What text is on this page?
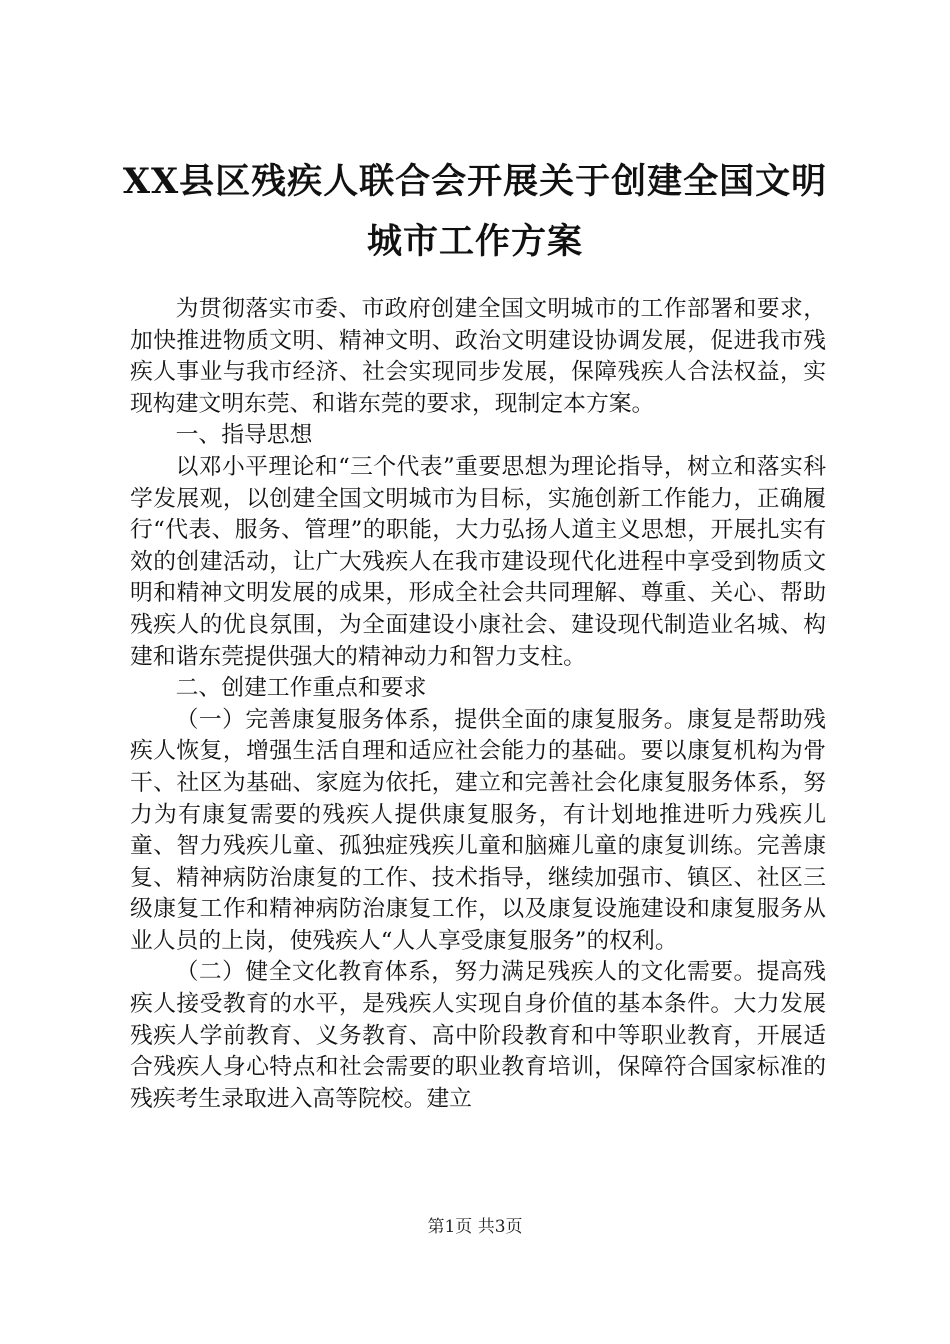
XX县区残疾人联合会开展关于创建全国文明
城市工作方案

为贯彻落实市委、市政府创建全国文明城市的工作部署和要求，加快推进物质文明、精神文明、政治文明建设协调发展，促进我市残疾人事业与我市经济、社会实现同步发展，保障残疾人合法权益，实现构建文明东莞、和谐东莞的要求，现制定本方案。

一、指导思想

以邓小平理论和“三个代表”重要思想为理论指导，树立和落实科学发展观，以创建全国文明城市为目标，实施创新工作能力，正确履行“代表、服务、管理”的职能，大力弘扬人道主义思想，开展扎实有效的创建活动，让广大残疾人在我市建设现代化进程中享受到物质文明和精神文明发展的成果，形成全社会共同理解、尊重、关心、帮助残疾人的优良氛围，为全面建设小康社会、建设现代制造业名城、构建和谐东莞提供强大的精神动力和智力支柱。

二、创建工作重点和要求

（一）完善康复服务体系，提供全面的康复服务。康复是帮助残疾人恢复，增强生活自理和适应社会能力的基础。要以康复机构为骨干、社区为基础、家庭为依托，建立和完善社会化康复服务体系，努力为有康复需要的残疾人提供康复服务，有计划地推进听力残疾儿童、智力残疾儿童、孤独症残疾儿童和脑瘫儿童的康复训练。完善康复、精神病防治康复的工作、技术指导，继续加强市、镇区、社区三级康复工作和精神病防治康复工作，以及康复设施建设和康复服务从业人员的上岗，使残疾人“人人享受康复服务”的权利。

（二）健全文化教育体系，努力满足残疾人的文化需要。提高残疾人接受教育的水平，是残疾人实现自身价值的基本条件。大力发展残疾人学前教育、义务教育、高中阶段教育和中等职业教育，开展适合残疾人身心特点和社会需要的职业教育培训，保障符合国家标准的残疾考生录取进入高等院校。建立

第1页 共3页
